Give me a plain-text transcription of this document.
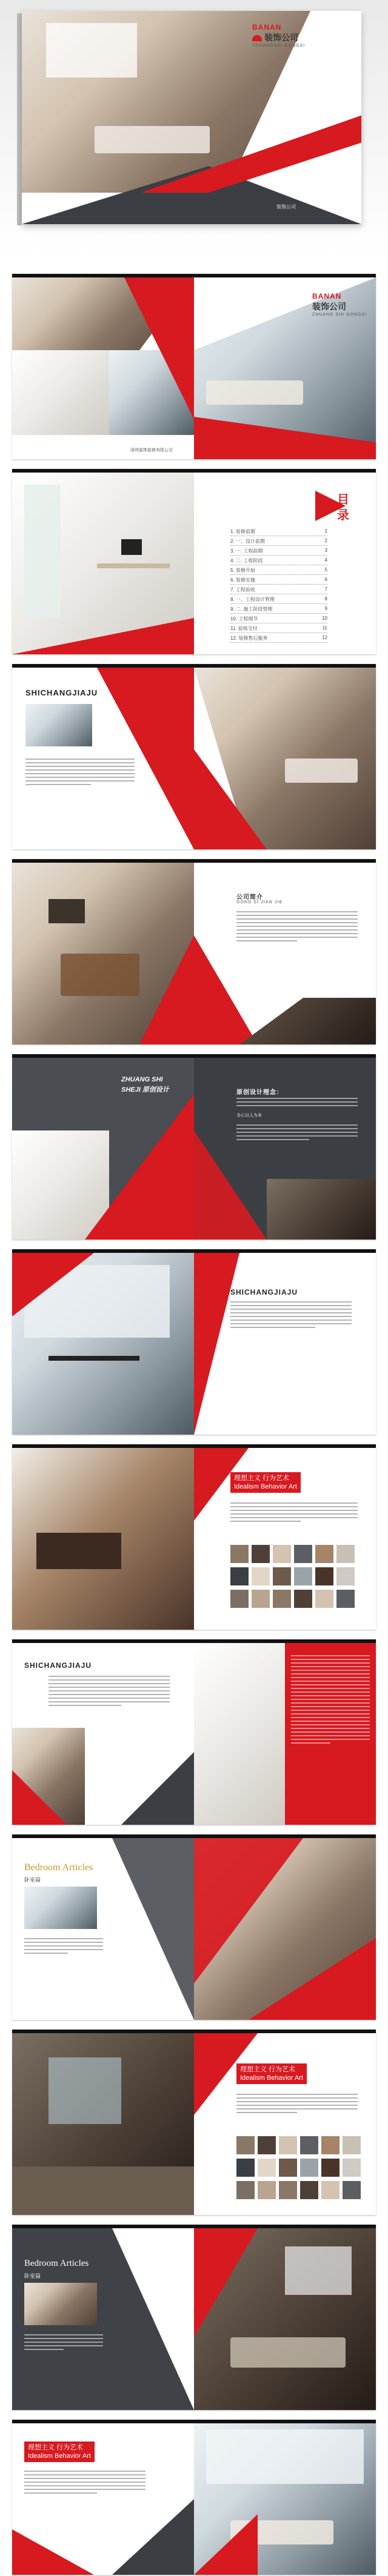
BANAN
装饰公司
ZHUANGSHI GONGSI
装饰公司
深圳装饰装修有限公司
BANAN
装饰公司
ZHUANG SHI GONGSI
目
录
1. 装修前期	1
2. 一、设计前期	2
3. 一. 工程前期	3
4. 二. 工程阶段	4
5. 装修开始	5
6. 装修实施	6
7. 工程验收	7
8. 一、工程设计管理	8
9. 二. 施工阶段管理	9
10. 工程细节	10
11. 验收交付	11
12. 装修售后服务	12
SHICHANGJIAJU
公司简介
GONG SI JIAN JIE
ZHUANG SHI
SHEJI 原创设计	原创设计理念：
全心以人为本
SHICHANGJIAJU
理想主义 行为艺术
Idealism Behavior Art
SHICHANGJIAJU
Bedroom Articles
卧室篇
理想主义 行为艺术
Idealism Behavior Art
Bedroom Articles
卧室篇
理想主义 行为艺术
Idealism Behavior Art
